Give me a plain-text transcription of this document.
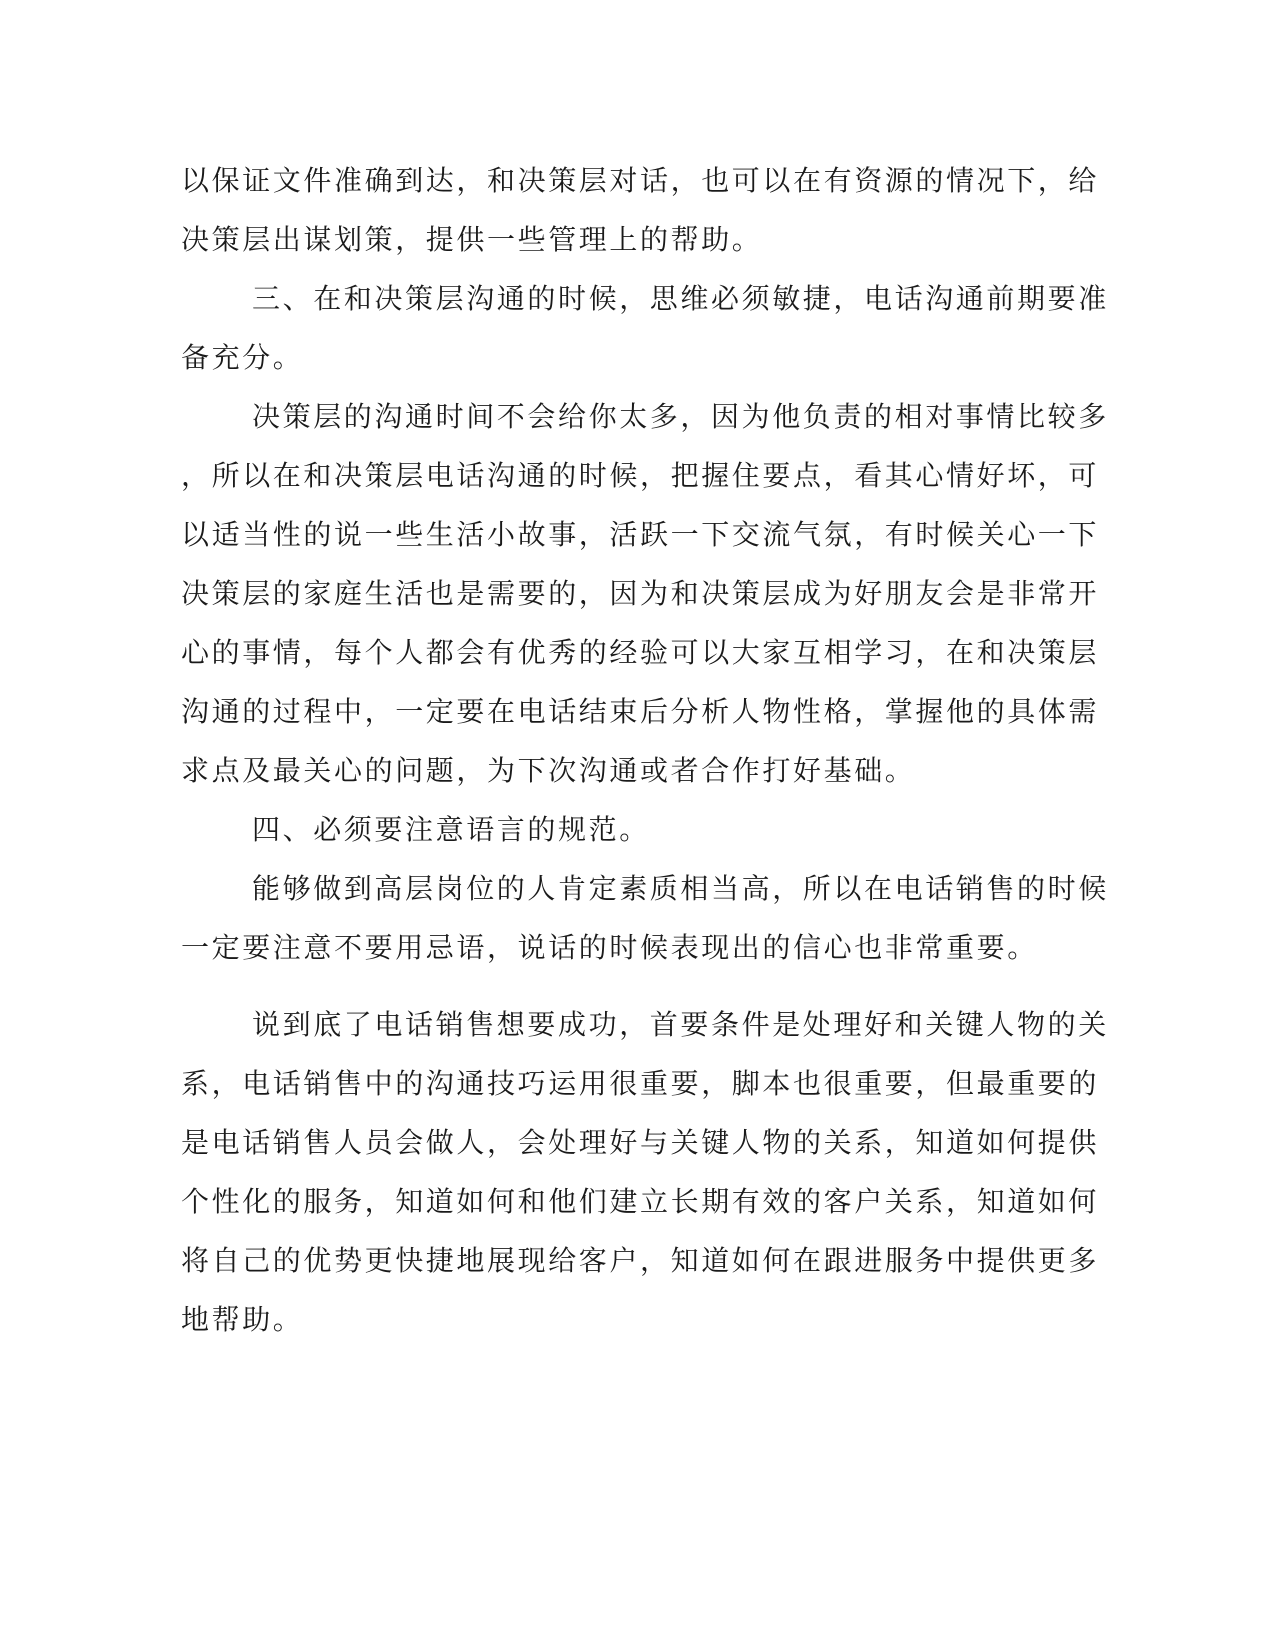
以保证文件准确到达，和决策层对话，也可以在有资源的情况下，给

决策层出谋划策，提供一些管理上的帮助。

三、在和决策层沟通的时候，思维必须敏捷，电话沟通前期要准

备充分。

决策层的沟通时间不会给你太多，因为他负责的相对事情比较多

，所以在和决策层电话沟通的时候，把握住要点，看其心情好坏，可

以适当性的说一些生活小故事，活跃一下交流气氛，有时候关心一下

决策层的家庭生活也是需要的，因为和决策层成为好朋友会是非常开

心的事情，每个人都会有优秀的经验可以大家互相学习，在和决策层

沟通的过程中，一定要在电话结束后分析人物性格，掌握他的具体需

求点及最关心的问题，为下次沟通或者合作打好基础。

四、必须要注意语言的规范。

能够做到高层岗位的人肯定素质相当高，所以在电话销售的时候

一定要注意不要用忌语，说话的时候表现出的信心也非常重要。

说到底了电话销售想要成功，首要条件是处理好和关键人物的关

系，电话销售中的沟通技巧运用很重要，脚本也很重要，但最重要的

是电话销售人员会做人，会处理好与关键人物的关系，知道如何提供

个性化的服务，知道如何和他们建立长期有效的客户关系，知道如何

将自己的优势更快捷地展现给客户，知道如何在跟进服务中提供更多

地帮助。
